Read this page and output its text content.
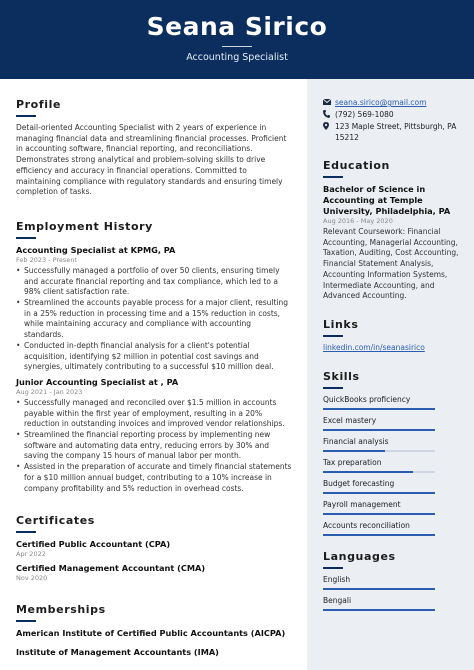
Seana Sirico
Accounting Specialist
Profile
Detail-oriented Accounting Specialist with 2 years of experience in managing financial data and streamlining financial processes. Proficient in accounting software, financial reporting, and reconciliations. Demonstrates strong analytical and problem-solving skills to drive efficiency and accuracy in financial operations. Committed to maintaining compliance with regulatory standards and ensuring timely completion of tasks.
Employment History
Accounting Specialist at KPMG, PA
Feb 2023 - Present
• Successfully managed a portfolio of over 50 clients, ensuring timely and accurate financial reporting and tax compliance, which led to a 98% client satisfaction rate.
• Streamlined the accounts payable process for a major client, resulting in a 25% reduction in processing time and a 15% reduction in costs, while maintaining accuracy and compliance with accounting standards.
• Conducted in-depth financial analysis for a client's potential acquisition, identifying $2 million in potential cost savings and synergies, ultimately contributing to a successful $10 million deal.
Junior Accounting Specialist at , PA
Aug 2021 - Jan 2023
• Successfully managed and reconciled over $1.5 million in accounts payable within the first year of employment, resulting in a 20% reduction in outstanding invoices and improved vendor relationships.
• Streamlined the financial reporting process by implementing new software and automating data entry, reducing errors by 30% and saving the company 15 hours of manual labor per month.
• Assisted in the preparation of accurate and timely financial statements for a $10 million annual budget, contributing to a 10% increase in company profitability and 5% reduction in overhead costs.
Certificates
Certified Public Accountant (CPA)
Apr 2022
Certified Management Accountant (CMA)
Nov 2020
Memberships
American Institute of Certified Public Accountants (AICPA)
Institute of Management Accountants (IMA)
seana.sirico@gmail.com
(792) 569-1080
123 Maple Street, Pittsburgh, PA 15212
Education
Bachelor of Science in Accounting at Temple University, Philadelphia, PA
Aug 2016 - May 2020
Relevant Coursework: Financial Accounting, Managerial Accounting, Taxation, Auditing, Cost Accounting, Financial Statement Analysis, Accounting Information Systems, Intermediate Accounting, and Advanced Accounting.
Links
linkedin.com/in/seanasirico
Skills
QuickBooks proficiency
Excel mastery
Financial analysis
Tax preparation
Budget forecasting
Payroll management
Accounts reconciliation
Languages
English
Bengali
